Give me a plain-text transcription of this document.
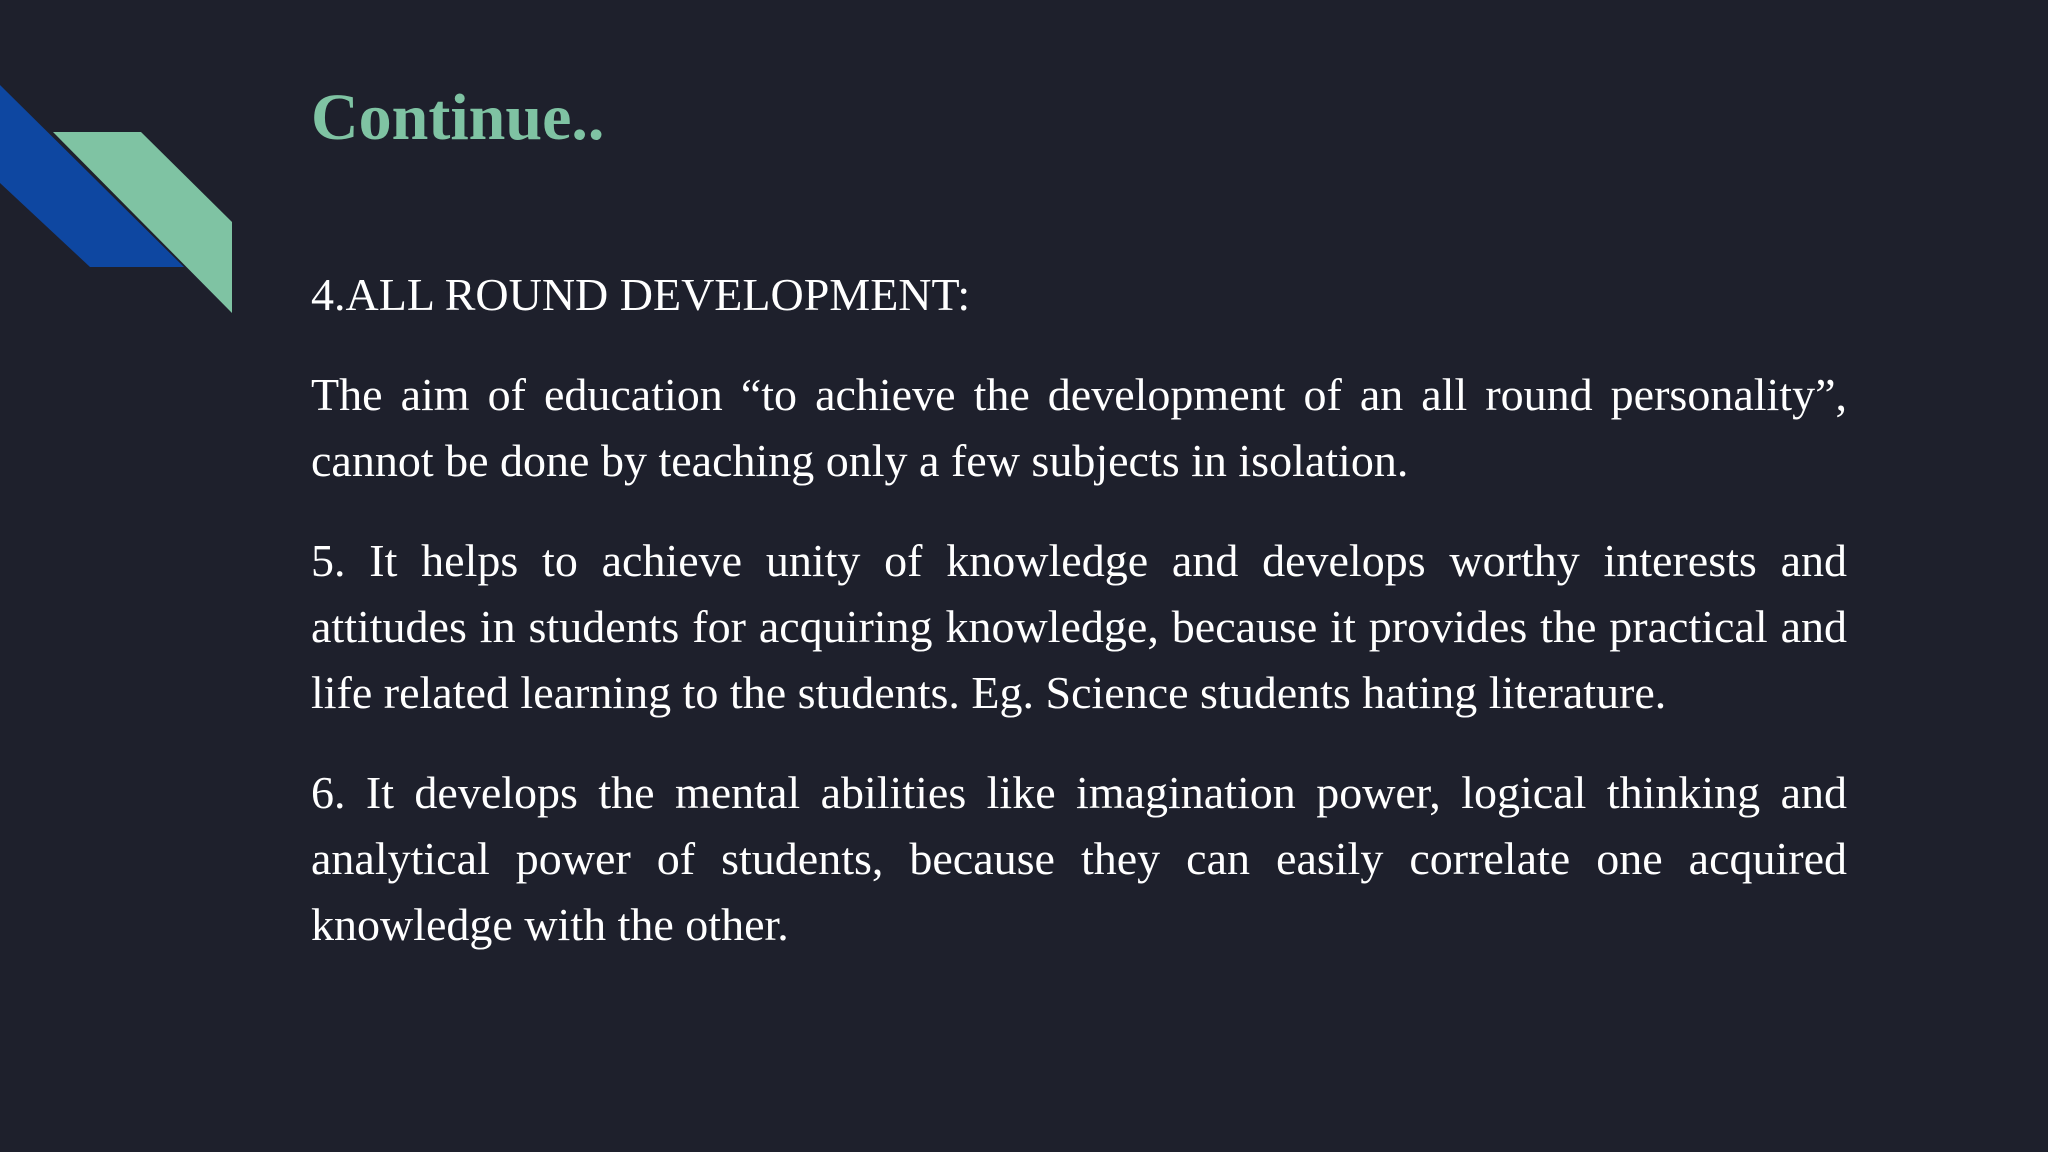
Continue..

4.ALL ROUND DEVELOPMENT:

The aim of education “to achieve the development of an all round personality”, cannot be done by teaching only a few subjects in isolation.

5. It helps to achieve unity of knowledge and develops worthy interests and attitudes in students for acquiring knowledge, because it provides the practical and life related learning to the students. Eg. Science students hating literature.

6. It develops the mental abilities like imagination power, logical thinking and analytical power of students, because they can easily correlate one acquired knowledge with the other.
